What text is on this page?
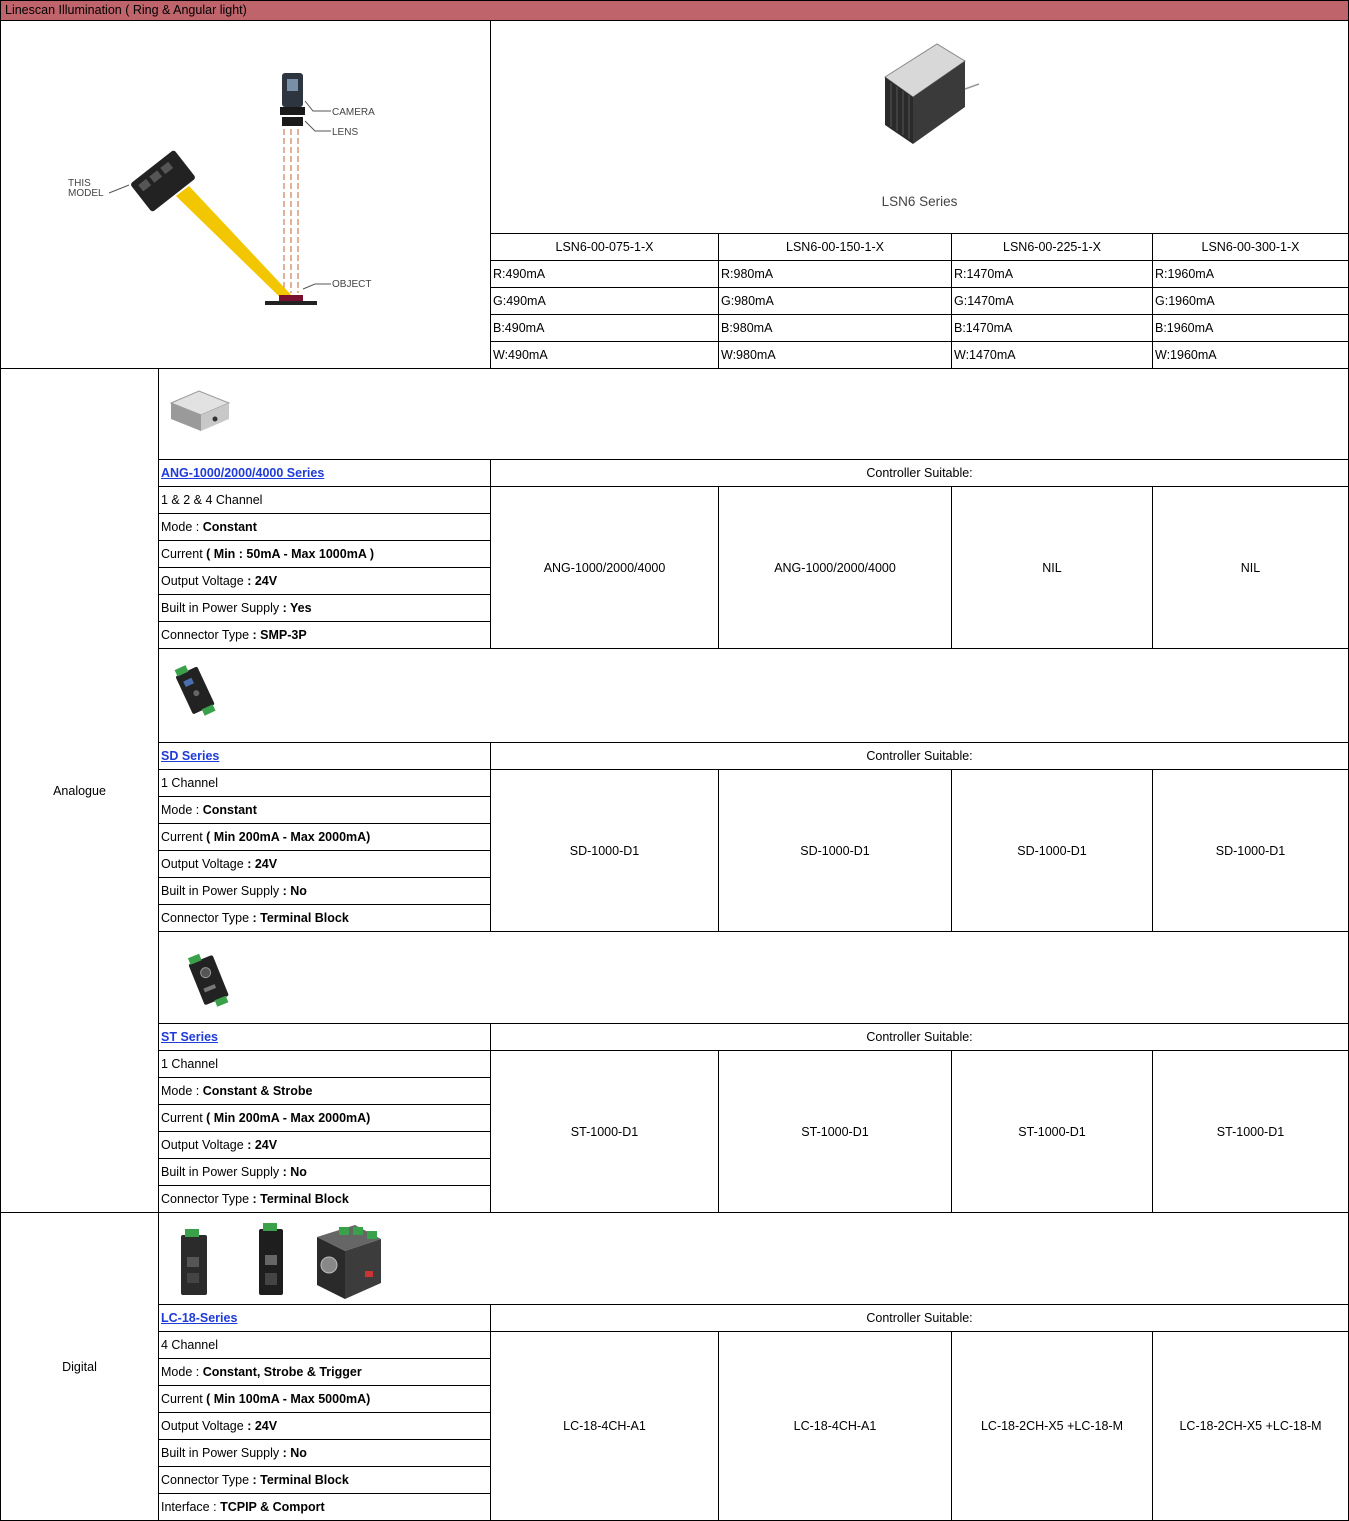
Linescan Illumination ( Ring & Angular light)
CAMERA
LENS
THIS
MODEL
OBJECT
LSN6 Series
LSN6-00-075-1-X	LSN6-00-150-1-X	LSN6-00-225-1-X	LSN6-00-300-1-X
R:490mA	R:980mA	R:1470mA	R:1960mA
G:490mA	G:980mA	G:1470mA	G:1960mA
B:490mA	B:980mA	B:1470mA	B:1960mA
W:490mA	W:980mA	W:1470mA	W:1960mA
Analogue
Digital
ANG-1000/2000/4000 Series	Controller Suitable:
1 & 2 & 4 Channel
Mode : Constant
Current ( Min : 50mA - Max 1000mA )
Output Voltage : 24V
Built in Power Supply : Yes
Connector Type : SMP-3P
ANG-1000/2000/4000	ANG-1000/2000/4000	NIL	NIL
SD Series	Controller Suitable:
1 Channel
Mode : Constant
Current ( Min 200mA - Max 2000mA)
Output Voltage : 24V
Built in Power Supply : No
Connector Type : Terminal Block
SD-1000-D1	SD-1000-D1	SD-1000-D1	SD-1000-D1
ST Series	Controller Suitable:
1 Channel
Mode : Constant & Strobe
Current ( Min 200mA - Max 2000mA)
Output Voltage : 24V
Built in Power Supply : No
Connector Type : Terminal Block
ST-1000-D1	ST-1000-D1	ST-1000-D1	ST-1000-D1
LC-18-Series	Controller Suitable:
4 Channel
Mode : Constant, Strobe & Trigger
Current ( Min 100mA - Max 5000mA)
Output Voltage : 24V
Built in Power Supply : No
Connector Type : Terminal Block
Interface : TCPIP & Comport
LC-18-4CH-A1	LC-18-4CH-A1	LC-18-2CH-X5 +LC-18-M	LC-18-2CH-X5 +LC-18-M
